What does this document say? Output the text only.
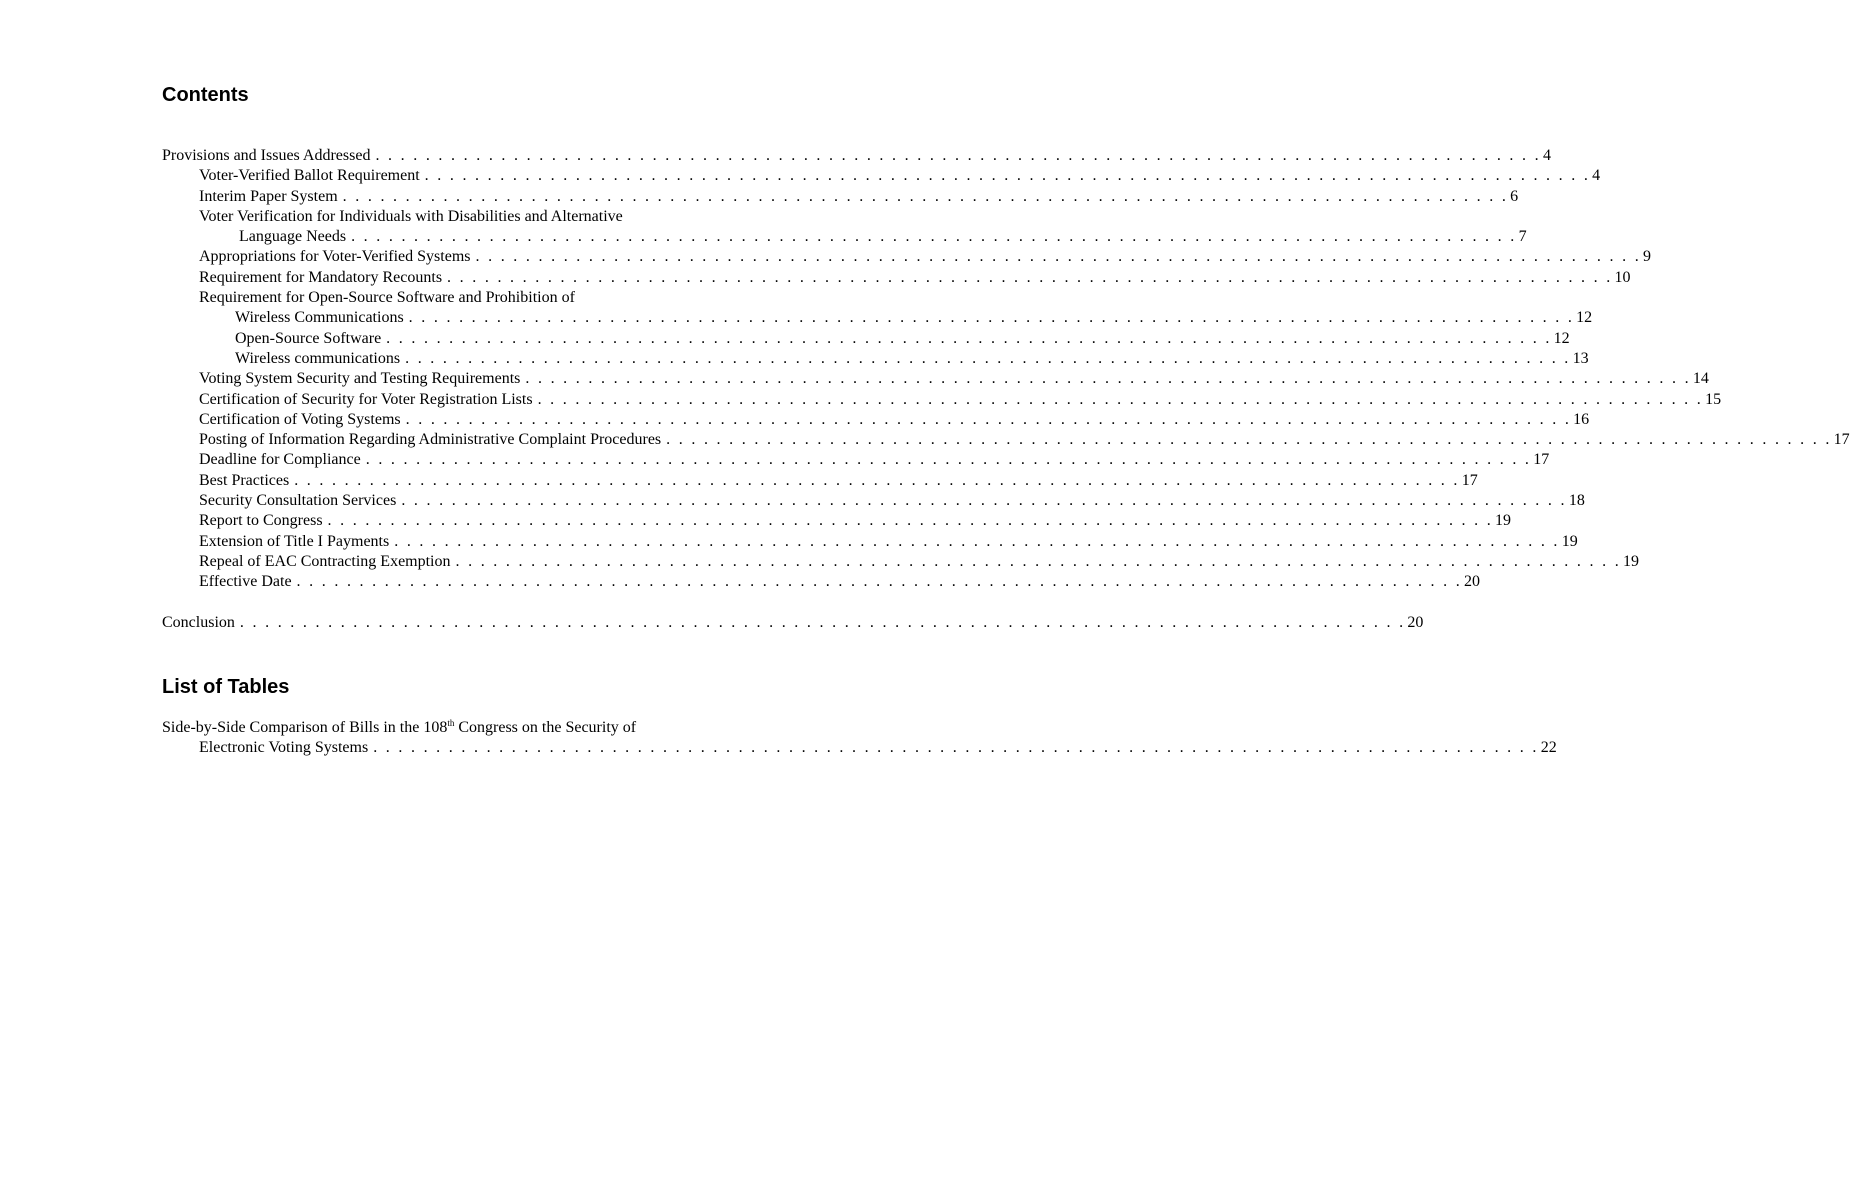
Contents
Provisions and Issues Addressed . . . . . . . . . . . . . . . . . . . . . . . . . . . . . . . . . . . . . . . . . . . . . . . . . . . . . . . . . . . . . . . . . . . . . . . . . . . . . . . . . . . . . . . . . . . . . 4
Voter-Verified Ballot Requirement . . . . . . . . . . . . . . . . . . . . . . . . . . . . . . . . . . . . . . . . . . . . . . . . . . . . . . . . . . . . . . . . . . . . . . . . . . . . . . . . . . . . . . . . . . . . . 4
Interim Paper System . . . . . . . . . . . . . . . . . . . . . . . . . . . . . . . . . . . . . . . . . . . . . . . . . . . . . . . . . . . . . . . . . . . . . . . . . . . . . . . . . . . . . . . . . . . . . 6
Voter Verification for Individuals with Disabilities and Alternative
Language Needs . . . . . . . . . . . . . . . . . . . . . . . . . . . . . . . . . . . . . . . . . . . . . . . . . . . . . . . . . . . . . . . . . . . . . . . . . . . . . . . . . . . . . . . . . . . . . 7
Appropriations for Voter-Verified Systems . . . . . . . . . . . . . . . . . . . . . . . . . . . . . . . . . . . . . . . . . . . . . . . . . . . . . . . . . . . . . . . . . . . . . . . . . . . . . . . . . . . . . . . . . . . . . 9
Requirement for Mandatory Recounts . . . . . . . . . . . . . . . . . . . . . . . . . . . . . . . . . . . . . . . . . . . . . . . . . . . . . . . . . . . . . . . . . . . . . . . . . . . . . . . . . . . . . . . . . . . . . 10
Requirement for Open-Source Software and Prohibition of
Wireless Communications . . . . . . . . . . . . . . . . . . . . . . . . . . . . . . . . . . . . . . . . . . . . . . . . . . . . . . . . . . . . . . . . . . . . . . . . . . . . . . . . . . . . . . . . . . . . . 12
Open-Source Software . . . . . . . . . . . . . . . . . . . . . . . . . . . . . . . . . . . . . . . . . . . . . . . . . . . . . . . . . . . . . . . . . . . . . . . . . . . . . . . . . . . . . . . . . . . . . 12
Wireless communications . . . . . . . . . . . . . . . . . . . . . . . . . . . . . . . . . . . . . . . . . . . . . . . . . . . . . . . . . . . . . . . . . . . . . . . . . . . . . . . . . . . . . . . . . . . . . 13
Voting System Security and Testing Requirements . . . . . . . . . . . . . . . . . . . . . . . . . . . . . . . . . . . . . . . . . . . . . . . . . . . . . . . . . . . . . . . . . . . . . . . . . . . . . . . . . . . . . . . . . . . . . 14
Certification of Security for Voter Registration Lists . . . . . . . . . . . . . . . . . . . . . . . . . . . . . . . . . . . . . . . . . . . . . . . . . . . . . . . . . . . . . . . . . . . . . . . . . . . . . . . . . . . . . . . . . . . . . 15
Certification of Voting Systems . . . . . . . . . . . . . . . . . . . . . . . . . . . . . . . . . . . . . . . . . . . . . . . . . . . . . . . . . . . . . . . . . . . . . . . . . . . . . . . . . . . . . . . . . . . . . 16
Posting of Information Regarding Administrative Complaint Procedures . . . . . . . . . . . . . . . . . . . . . . . . . . . . . . . . . . . . . . . . . . . . . . . . . . . . . . . . . . . . . . . . . . . . . . . . . . . . . . . . . . . . . . . . . . . . . 17
Deadline for Compliance . . . . . . . . . . . . . . . . . . . . . . . . . . . . . . . . . . . . . . . . . . . . . . . . . . . . . . . . . . . . . . . . . . . . . . . . . . . . . . . . . . . . . . . . . . . . . 17
Best Practices . . . . . . . . . . . . . . . . . . . . . . . . . . . . . . . . . . . . . . . . . . . . . . . . . . . . . . . . . . . . . . . . . . . . . . . . . . . . . . . . . . . . . . . . . . . . . 17
Security Consultation Services . . . . . . . . . . . . . . . . . . . . . . . . . . . . . . . . . . . . . . . . . . . . . . . . . . . . . . . . . . . . . . . . . . . . . . . . . . . . . . . . . . . . . . . . . . . . . 18
Report to Congress . . . . . . . . . . . . . . . . . . . . . . . . . . . . . . . . . . . . . . . . . . . . . . . . . . . . . . . . . . . . . . . . . . . . . . . . . . . . . . . . . . . . . . . . . . . . . 19
Extension of Title I Payments . . . . . . . . . . . . . . . . . . . . . . . . . . . . . . . . . . . . . . . . . . . . . . . . . . . . . . . . . . . . . . . . . . . . . . . . . . . . . . . . . . . . . . . . . . . . . 19
Repeal of EAC Contracting Exemption . . . . . . . . . . . . . . . . . . . . . . . . . . . . . . . . . . . . . . . . . . . . . . . . . . . . . . . . . . . . . . . . . . . . . . . . . . . . . . . . . . . . . . . . . . . . . 19
Effective Date . . . . . . . . . . . . . . . . . . . . . . . . . . . . . . . . . . . . . . . . . . . . . . . . . . . . . . . . . . . . . . . . . . . . . . . . . . . . . . . . . . . . . . . . . . . . . 20
Conclusion . . . . . . . . . . . . . . . . . . . . . . . . . . . . . . . . . . . . . . . . . . . . . . . . . . . . . . . . . . . . . . . . . . . . . . . . . . . . . . . . . . . . . . . . . . . . . 20
List of Tables
Side-by-Side Comparison of Bills in the 108th Congress on the Security of
Electronic Voting Systems . . . . . . . . . . . . . . . . . . . . . . . . . . . . . . . . . . . . . . . . . . . . . . . . . . . . . . . . . . . . . . . . . . . . . . . . . . . . . . . . . . . . . . . . . . . . . 22
